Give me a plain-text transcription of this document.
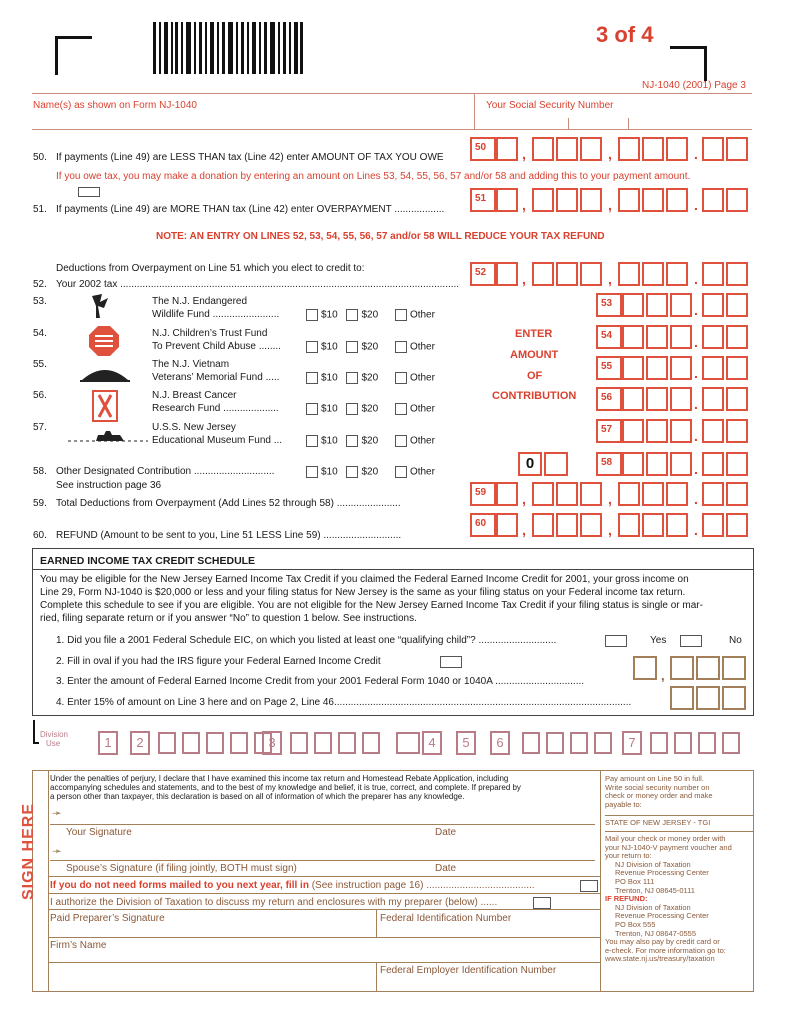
3 of 4
NJ-1040 (2001) Page 3
Name(s) as shown on Form NJ-1040	Your Social Security Number
50. If payments (Line 49) are LESS THAN tax (Line 42) enter AMOUNT OF TAX YOU OWE
50	,	,	.
If you owe tax, you may make a donation by entering an amount on Lines 53, 54, 55, 56, 57 and/or 58 and adding this to your payment amount.
51. If payments (Line 49) are MORE THAN tax (Line 42) enter OVERPAYMENT ..................
51	,	,	.
NOTE: AN ENTRY ON LINES 52, 53, 54, 55, 56, 57 and/or 58 WILL REDUCE YOUR TAX REFUND
Deductions from Overpayment on Line 51 which you elect to credit to:
52. Your 2002 tax ..........................................................................................................................
52	,	,	.
53.	The N.J. Endangered
Wildlife Fund ........................	$10 $20	Other
53	.
54.	N.J. Children’s Trust Fund
To Prevent Child Abuse ........	$10 $20	Other
54	.
55.	The N.J. Vietnam
Veterans’ Memorial Fund .....	$10 $20	Other
55	.
56.	N.J. Breast Cancer
Research Fund ....................	$10 $20	Other
56	.
57.	U.S.S. New Jersey
Educational Museum Fund ...	$10 $20	Other
57	.
ENTER
AMOUNT
OF
CONTRIBUTION
58. Other Designated Contribution .............................
See instruction page 36
$10 $20	Other
0	58	.
59. Total Deductions from Overpayment (Add Lines 52 through 58) .......................
59	,	,	.
60. REFUND (Amount to be sent to you, Line 51 LESS Line 59) ............................
60	,	,	.
EARNED INCOME TAX CREDIT SCHEDULE
You may be eligible for the New Jersey Earned Income Tax Credit if you claimed the Federal Earned Income Credit for 2001, your gross income on
Line 29, Form NJ-1040 is $20,000 or less and your filing status for New Jersey is the same as your filing status on your Federal income tax return.
Complete this schedule to see if you are eligible. You are not eligible for the New Jersey Earned Income Tax Credit if your filing status is single or mar-
ried, filing separate return or if you answer “No” to question 1 below. See instructions.
1. Did you file a 2001 Federal Schedule EIC, on which you listed at least one “qualifying child”? ............................	Yes	No
2. Fill in oval if you had the IRS figure your Federal Earned Income Credit
3. Enter the amount of Federal Earned Income Credit from your 2001 Federal Form 1040 or 1040A ................................
4. Enter 15% of amount on Line 3 here and on Page 2, Line 46...........................................................................................................
,
Division
Use	1	2	3	4	5	6	7
SIGN HERE
Under the penalties of perjury, I declare that I have examined this income tax return and Homestead Rebate Application, including
accompanying schedules and statements, and to the best of my knowledge and belief, it is true, correct, and complete. If prepared by
a person other than taxpayer, this declaration is based on all of information of which the preparer has any knowledge.
➛
Your Signature	Date
➛
Spouse’s Signature (if filing jointly, BOTH must sign)	Date
If you do not need forms mailed to you next year, fill in (See instruction page 16) .......................................
I authorize the Division of Taxation to discuss my return and enclosures with my preparer (below) ......
Paid Preparer’s Signature	Federal Identification Number
Firm’s Name
Federal Employer Identification Number
Pay amount on Line 50 in full.
Write social security number on
check or money order and make
payable to:
STATE OF NEW JERSEY - TGI
Mail your check or money order with
your NJ-1040-V payment voucher and
your return to:
NJ Division of Taxation
Revenue Processing Center
PO Box 111
Trenton, NJ 08645-0111
IF REFUND:
NJ Division of Taxation
Revenue Processing Center
PO Box 555
Trenton, NJ 08647-0555
You may also pay by credit card or
e-check. For more information go to:
www.state.nj.us/treasury/taxation
